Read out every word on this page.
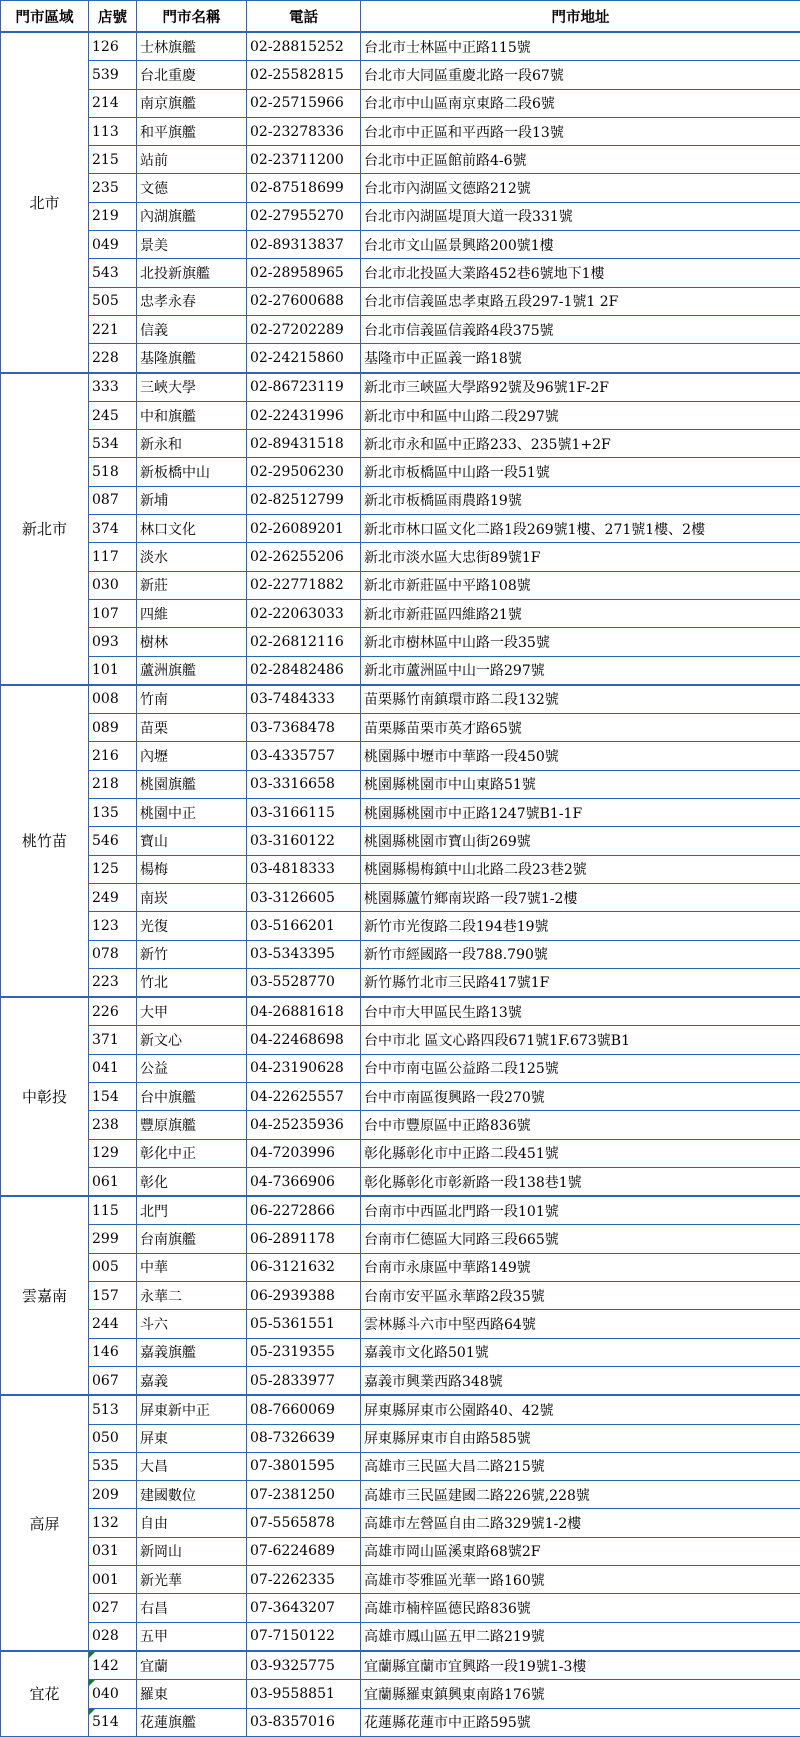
門市區域	店號	門市名稱	電話	門市地址
北市	126	士林旗艦	02-28815252	台北市士林區中正路115號
	539	台北重慶	02-25582815	台北市大同區重慶北路一段67號
	214	南京旗艦	02-25715966	台北市中山區南京東路二段6號
	113	和平旗艦	02-23278336	台北市中正區和平西路一段13號
	215	站前	02-23711200	台北市中正區館前路4-6號
	235	文德	02-87518699	台北市內湖區文德路212號
	219	內湖旗艦	02-27955270	台北市內湖區堤頂大道一段331號
	049	景美	02-89313837	台北市文山區景興路200號1樓
	543	北投新旗艦	02-28958965	台北市北投區大業路452巷6號地下1樓
	505	忠孝永春	02-27600688	台北市信義區忠孝東路五段297-1號1 2F
	221	信義	02-27202289	台北市信義區信義路4段375號
	228	基隆旗艦	02-24215860	基隆市中正區義一路18號
新北市	333	三峽大學	02-86723119	新北市三峽區大學路92號及96號1F-2F
	245	中和旗艦	02-22431996	新北市中和區中山路二段297號
	534	新永和	02-89431518	新北市永和區中正路233、235號1+2F
	518	新板橋中山	02-29506230	新北市板橋區中山路一段51號
	087	新埔	02-82512799	新北市板橋區雨農路19號
	374	林口文化	02-26089201	新北市林口區文化二路1段269號1樓、271號1樓、2樓
	117	淡水	02-26255206	新北市淡水區大忠街89號1F
	030	新莊	02-22771882	新北市新莊區中平路108號
	107	四維	02-22063033	新北市新莊區四維路21號
	093	樹林	02-26812116	新北市樹林區中山路一段35號
	101	蘆洲旗艦	02-28482486	新北市蘆洲區中山一路297號
桃竹苗	008	竹南	03-7484333	苗栗縣竹南鎮環市路二段132號
	089	苗栗	03-7368478	苗栗縣苗栗市英才路65號
	216	內壢	03-4335757	桃園縣中壢市中華路一段450號
	218	桃園旗艦	03-3316658	桃園縣桃園市中山東路51號
	135	桃園中正	03-3166115	桃園縣桃園市中正路1247號B1-1F
	546	寶山	03-3160122	桃園縣桃園市寶山街269號
	125	楊梅	03-4818333	桃園縣楊梅鎮中山北路二段23巷2號
	249	南崁	03-3126605	桃園縣蘆竹鄉南崁路一段7號1-2樓
	123	光復	03-5166201	新竹市光復路二段194巷19號
	078	新竹	03-5343395	新竹市經國路一段788.790號
	223	竹北	03-5528770	新竹縣竹北市三民路417號1F
中彰投	226	大甲	04-26881618	台中市大甲區民生路13號
	371	新文心	04-22468698	台中市北 區文心路四段671號1F.673號B1
	041	公益	04-23190628	台中市南屯區公益路二段125號
	154	台中旗艦	04-22625557	台中市南區復興路一段270號
	238	豐原旗艦	04-25235936	台中市豐原區中正路836號
	129	彰化中正	04-7203996	彰化縣彰化市中正路二段451號
	061	彰化	04-7366906	彰化縣彰化市彰新路一段138巷1號
雲嘉南	115	北門	06-2272866	台南市中西區北門路一段101號
	299	台南旗艦	06-2891178	台南市仁德區大同路三段665號
	005	中華	06-3121632	台南市永康區中華路149號
	157	永華二	06-2939388	台南市安平區永華路2段35號
	244	斗六	05-5361551	雲林縣斗六市中堅西路64號
	146	嘉義旗艦	05-2319355	嘉義市文化路501號
	067	嘉義	05-2833977	嘉義市興業西路348號
高屏	513	屏東新中正	08-7660069	屏東縣屏東市公園路40、42號
	050	屏東	08-7326639	屏東縣屏東市自由路585號
	535	大昌	07-3801595	高雄市三民區大昌二路215號
	209	建國數位	07-2381250	高雄市三民區建國二路226號,228號
	132	自由	07-5565878	高雄市左營區自由二路329號1-2樓
	031	新岡山	07-6224689	高雄市岡山區溪東路68號2F
	001	新光華	07-2262335	高雄市苓雅區光華一路160號
	027	右昌	07-3643207	高雄市楠梓區德民路836號
	028	五甲	07-7150122	高雄市鳳山區五甲二路219號
宜花	142	宜蘭	03-9325775	宜蘭縣宜蘭市宜興路一段19號1-3樓
	040	羅東	03-9558851	宜蘭縣羅東鎮興東南路176號
	514	花蓮旗艦	03-8357016	花蓮縣花蓮市中正路595號
